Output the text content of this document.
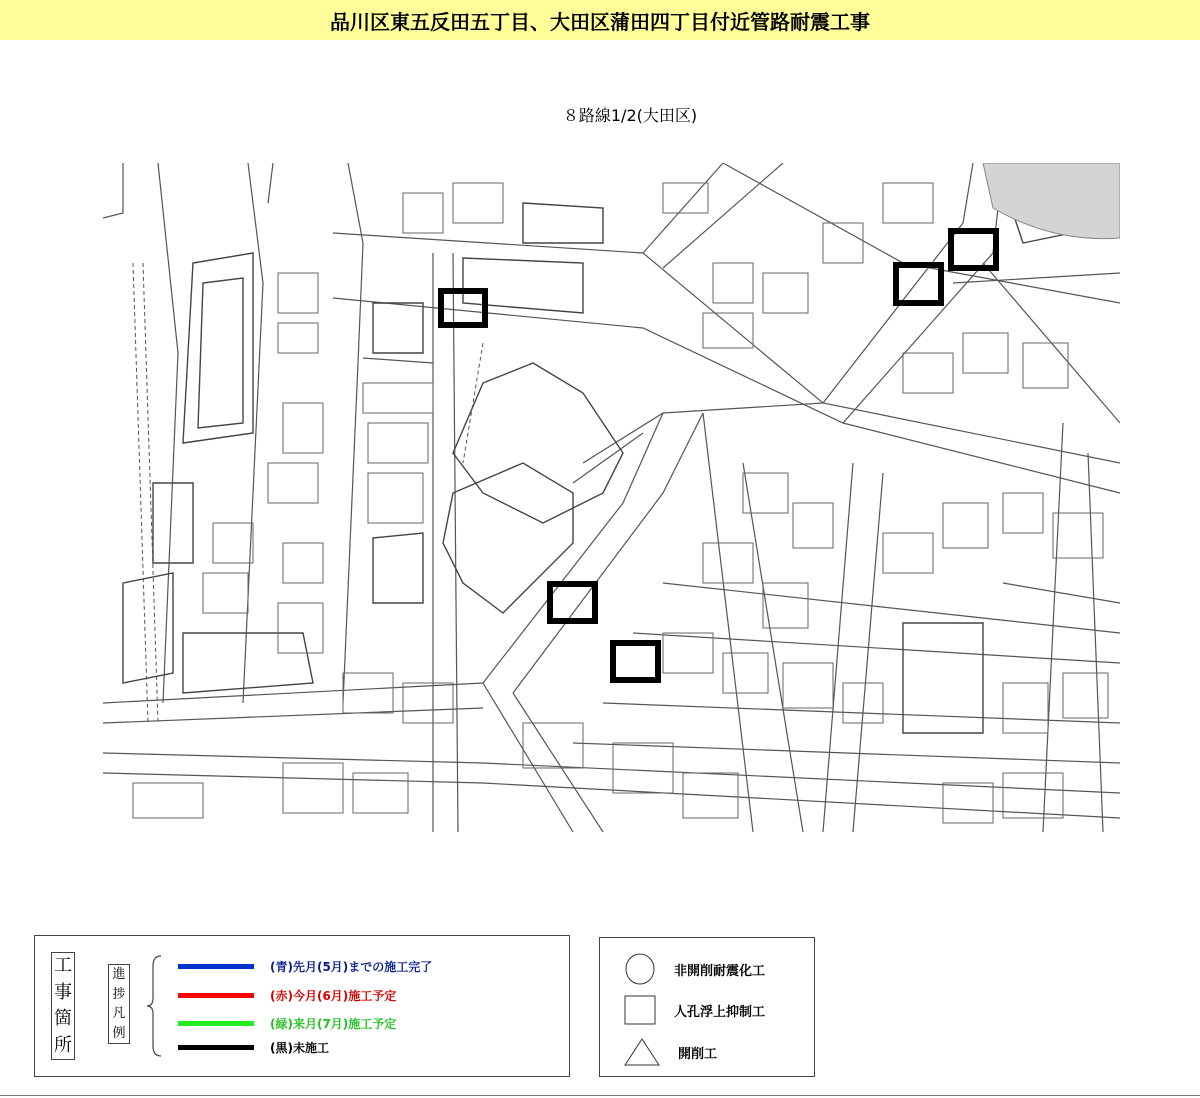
品川区東五反田五丁目、大田区蒲田四丁目付近管路耐震工事
８路線1/2(大田区)
工
事
箇
所
進
捗
凡
例
(青)先月(5月)までの施工完了
(赤)今月(6月)施工予定
(緑)来月(7月)施工予定
(黒)未施工
非開削耐震化工
人孔浮上抑制工
開削工
